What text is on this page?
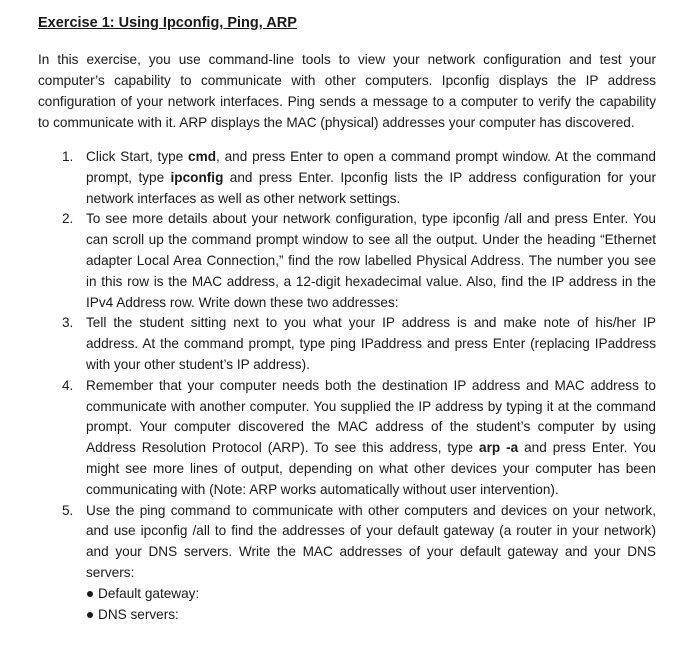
Exercise 1: Using Ipconfig, Ping, ARP

In this exercise, you use command-line tools to view your network configuration and test your computer’s capability to communicate with other computers. Ipconfig displays the IP address configuration of your network interfaces. Ping sends a message to a computer to verify the capability to communicate with it. ARP displays the MAC (physical) addresses your computer has discovered.

1. Click Start, type cmd, and press Enter to open a command prompt window. At the command prompt, type ipconfig and press Enter. Ipconfig lists the IP address configuration for your network interfaces as well as other network settings.
2. To see more details about your network configuration, type ipconfig /all and press Enter. You can scroll up the command prompt window to see all the output. Under the heading “Ethernet adapter Local Area Connection,” find the row labelled Physical Address. The number you see in this row is the MAC address, a 12-digit hexadecimal value. Also, find the IP address in the IPv4 Address row. Write down these two addresses:
3. Tell the student sitting next to you what your IP address is and make note of his/her IP address. At the command prompt, type ping IPaddress and press Enter (replacing IPaddress with your other student’s IP address).
4. Remember that your computer needs both the destination IP address and MAC address to communicate with another computer. You supplied the IP address by typing it at the command prompt. Your computer discovered the MAC address of the student’s computer by using Address Resolution Protocol (ARP). To see this address, type arp -a and press Enter. You might see more lines of output, depending on what other devices your computer has been communicating with (Note: ARP works automatically without user intervention).
5. Use the ping command to communicate with other computers and devices on your network, and use ipconfig /all to find the addresses of your default gateway (a router in your network) and your DNS servers. Write the MAC addresses of your default gateway and your DNS servers:
Default gateway:
DNS servers:
